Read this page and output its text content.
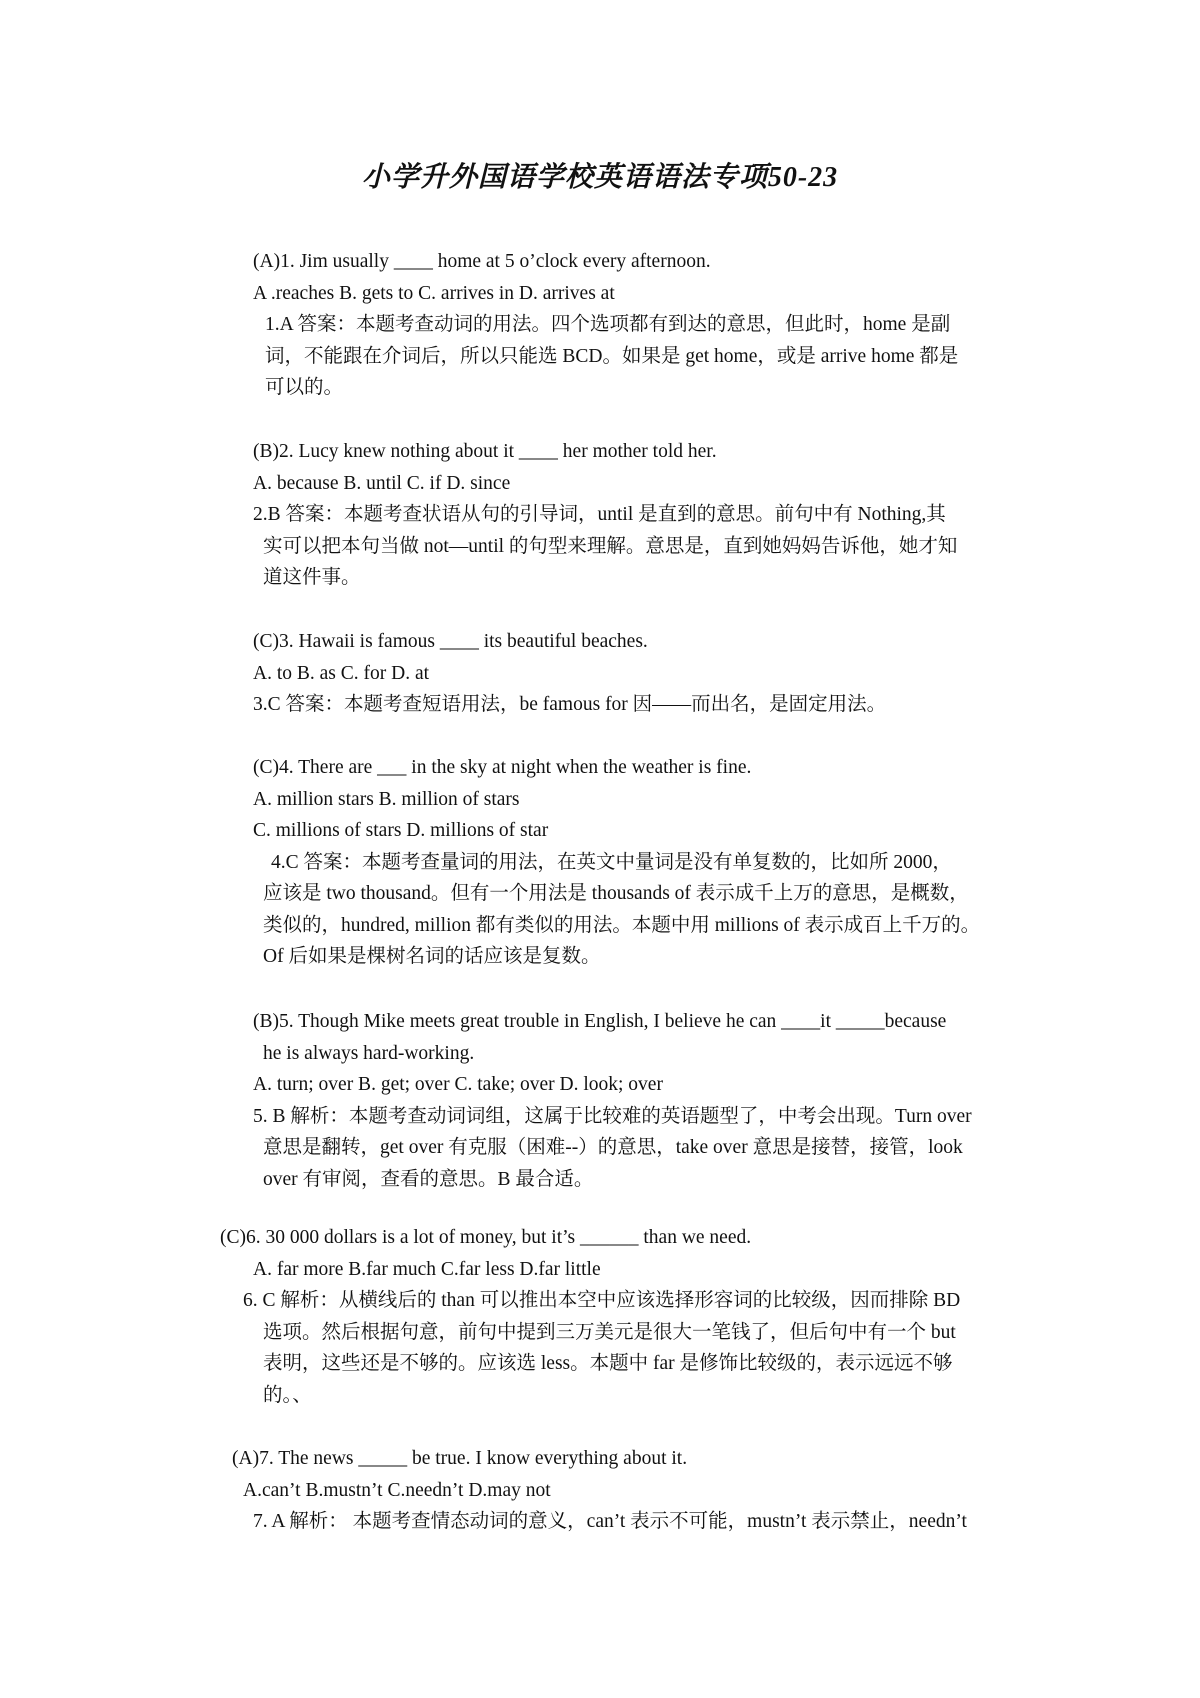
小学升外国语学校英语语法专项50-23
(A)1. Jim usually ____ home at 5 o’clock every afternoon.
A .reaches B. gets to C. arrives in D. arrives at
1.A 答案：本题考查动词的用法。四个选项都有到达的意思，但此时，home 是副
词，不能跟在介词后，所以只能选 BCD。如果是 get home，或是 arrive home 都是
可以的。
(B)2. Lucy knew nothing about it ____ her mother told her.
A. because B. until C. if D. since
2.B 答案：本题考查状语从句的引导词，until 是直到的意思。前句中有 Nothing,其
实可以把本句当做 not—until 的句型来理解。意思是，直到她妈妈告诉他，她才知
道这件事。
(C)3. Hawaii is famous ____ its beautiful beaches.
A. to B. as C. for D. at
3.C 答案：本题考查短语用法，be famous for 因——而出名，是固定用法。
(C)4. There are ___ in the sky at night when the weather is fine.
A. million stars B. million of stars
C. millions of stars D. millions of star
4.C 答案：本题考查量词的用法，在英文中量词是没有单复数的，比如所 2000，
应该是 two thousand。但有一个用法是 thousands of 表示成千上万的意思，是概数，
类似的，hundred, million 都有类似的用法。本题中用 millions of 表示成百上千万的。
Of 后如果是棵树名词的话应该是复数。
(B)5. Though Mike meets great trouble in English, I believe he can ____it _____because
he is always hard-working.
A. turn; over B. get; over C. take; over D. look; over
5. B 解析：本题考查动词词组，这属于比较难的英语题型了，中考会出现。Turn over
意思是翻转，get over 有克服（困难--）的意思，take over 意思是接替，接管，look
over 有审阅，查看的意思。B 最合适。
(C)6. 30 000 dollars is a lot of money, but it’s ______ than we need.
A. far more B.far much C.far less D.far little
6. C 解析：从横线后的 than 可以推出本空中应该选择形容词的比较级，因而排除 BD
选项。然后根据句意，前句中提到三万美元是很大一笔钱了，但后句中有一个 but
表明，这些还是不够的。应该选 less。本题中 far 是修饰比较级的，表示远远不够
的。、
(A)7. The news _____ be true. I know everything about it.
A.can’t B.mustn’t C.needn’t D.may not
7. A 解析： 本题考查情态动词的意义，can’t 表示不可能，mustn’t 表示禁止，needn’t
